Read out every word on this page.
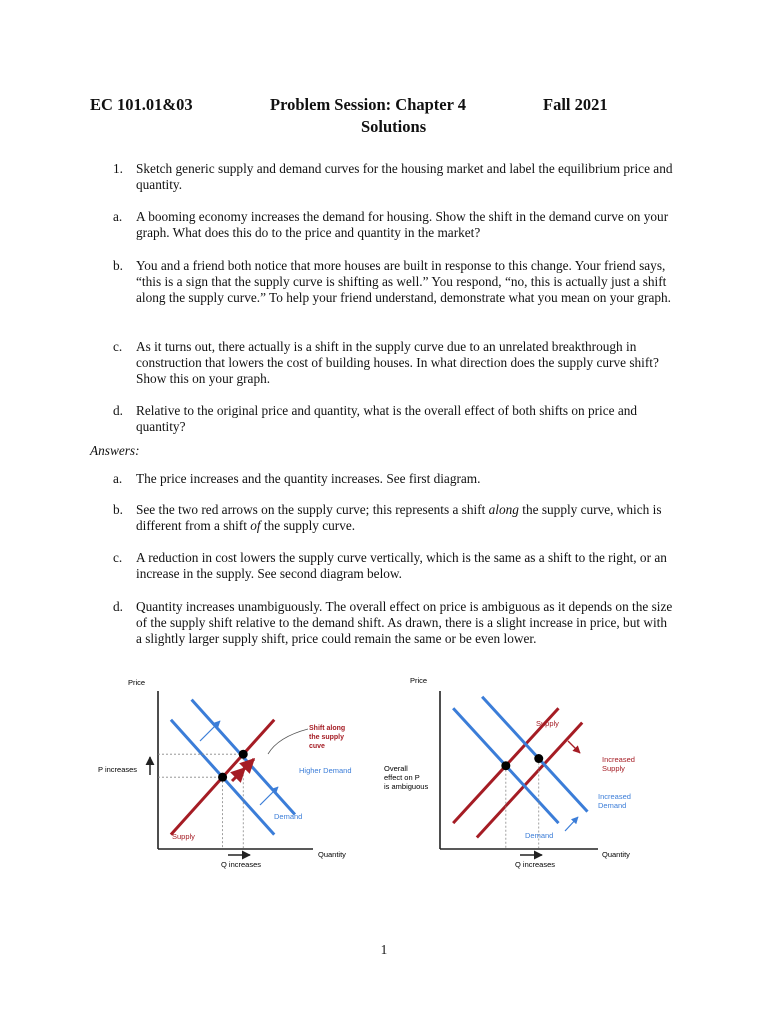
EC 101.01&03	Problem Session: Chapter 4	Fall 2021
Solutions
1. Sketch generic supply and demand curves for the housing market and label the equilibrium price and quantity.
a. A booming economy increases the demand for housing. Show the shift in the demand curve on your graph. What does this do to the price and quantity in the market?
b. You and a friend both notice that more houses are built in response to this change. Your friend says, “this is a sign that the supply curve is shifting as well.” You respond, “no, this is actually just a shift along the supply curve.” To help your friend understand, demonstrate what you mean on your graph.
c. As it turns out, there actually is a shift in the supply curve due to an unrelated breakthrough in construction that lowers the cost of building houses. In what direction does the supply curve shift? Show this on your graph.
d. Relative to the original price and quantity, what is the overall effect of both shifts on price and quantity?
Answers:
a. The price increases and the quantity increases. See first diagram.
b. See the two red arrows on the supply curve; this represents a shift along the supply curve, which is different from a shift of the supply curve.
c. A reduction in cost lowers the supply curve vertically, which is the same as a shift to the right, or an increase in the supply. See second diagram below.
d. Quantity increases unambiguously. The overall effect on price is ambiguous as it depends on the size of the supply shift relative to the demand shift. As drawn, there is a slight increase in price, but with a slightly larger supply shift, price could remain the same or be even lower.
Price
Quantity
P increases
Q increases
Supply
Demand
Higher Demand
Shift along the supply cuve
Price
Quantity
Overall effect on P is ambiguous
Q increases
Supply
Increased Supply
Demand
Increased Demand
1
